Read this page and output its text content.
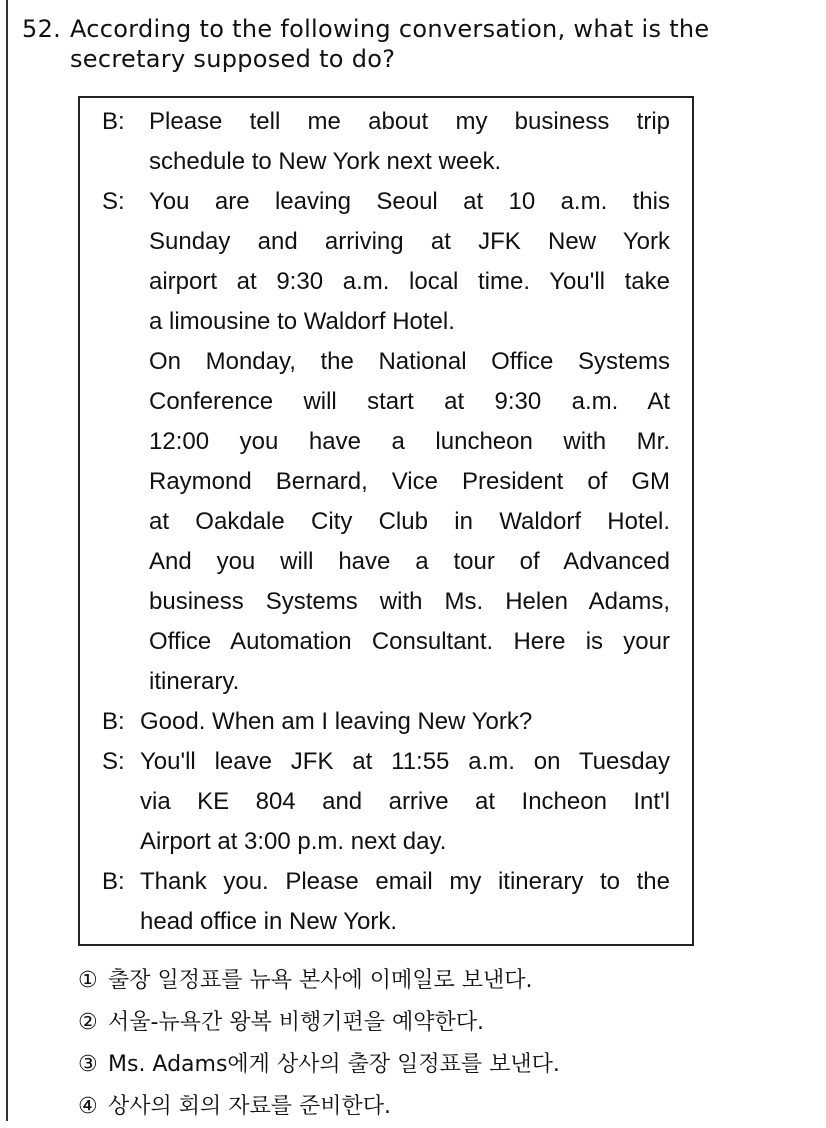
52. According to the following conversation, what is the
secretary supposed to do?
B: Please tell me about my business trip
schedule to New York next week.
S: You are leaving Seoul at 10 a.m. this
Sunday and arriving at JFK New York
airport at 9:30 a.m. local time. You'll take
a limousine to Waldorf Hotel.
On Monday, the National Office Systems
Conference will start at 9:30 a.m. At
12:00 you have a luncheon with Mr.
Raymond Bernard, Vice President of GM
at Oakdale City Club in Waldorf Hotel.
And you will have a tour of Advanced
business Systems with Ms. Helen Adams,
Office Automation Consultant. Here is your
itinerary.
B: Good. When am I leaving New York?
S: You'll leave JFK at 11:55 a.m. on Tuesday
via KE 804 and arrive at Incheon Int'l
Airport at 3:00 p.m. next day.
B: Thank you. Please email my itinerary to the
head office in New York.
① 출장 일정표를 뉴욕 본사에 이메일로 보낸다.
② 서울-뉴욕간 왕복 비행기편을 예약한다.
③ Ms. Adams에게 상사의 출장 일정표를 보낸다.
④ 상사의 회의 자료를 준비한다.
